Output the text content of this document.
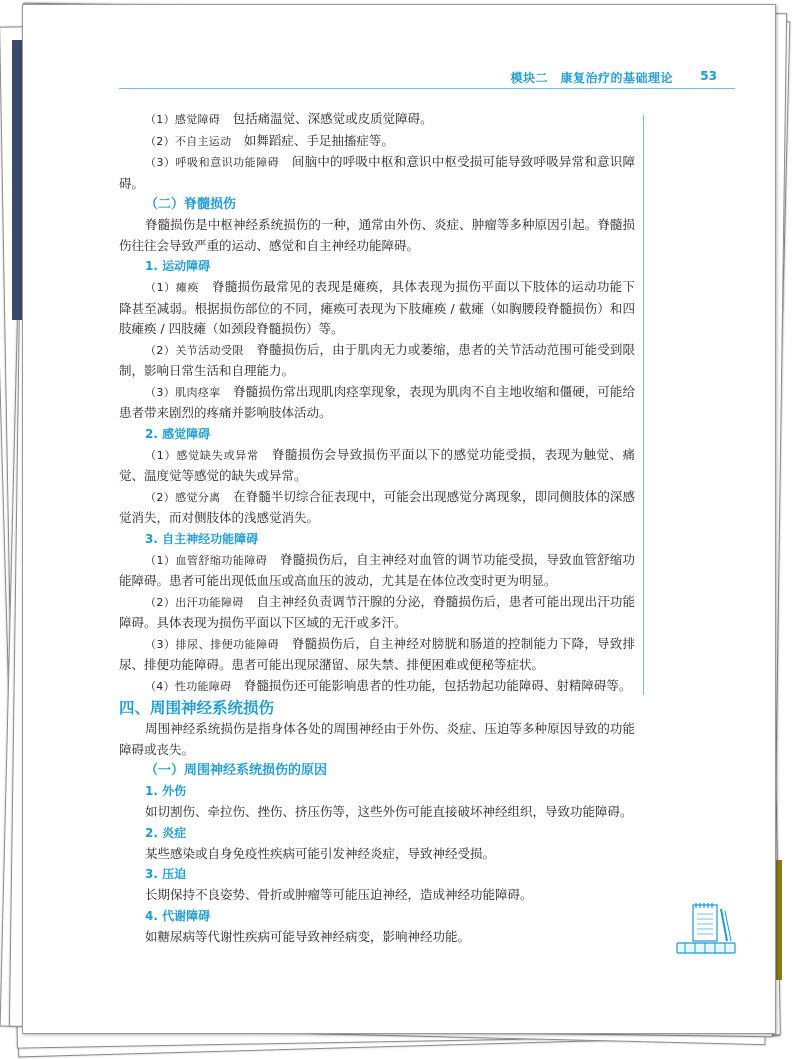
模块二　康复治疗的基础理论 53

（1）感觉障碍　 包括痛温觉、深感觉或皮质觉障碍。

（2）不自主运动　 如舞蹈症、手足抽搐症等。

（3）呼吸和意识功能障碍　 间脑中的呼吸中枢和意识中枢受损可能导致呼吸异常和意识障碍。

（二）脊髓损伤

脊髓损伤是中枢神经系统损伤的一种，通常由外伤、炎症、肿瘤等多种原因引起。脊髓损伤往往会导致严重的运动、感觉和自主神经功能障碍。

1. 运动障碍

（1）瘫痪　 脊髓损伤最常见的表现是瘫痪，具体表现为损伤平面以下肢体的运动功能下降甚至减弱。根据损伤部位的不同，瘫痪可表现为下肢瘫痪 / 截瘫（如胸腰段脊髓损伤）和四肢瘫痪 / 四肢瘫（如颈段脊髓损伤）等。

（2）关节活动受限　 脊髓损伤后，由于肌肉无力或萎缩，患者的关节活动范围可能受到限制，影响日常生活和自理能力。

（3）肌肉痉挛　 脊髓损伤常出现肌肉痉挛现象，表现为肌肉不自主地收缩和僵硬，可能给患者带来剧烈的疼痛并影响肢体活动。

2. 感觉障碍

（1）感觉缺失或异常　 脊髓损伤会导致损伤平面以下的感觉功能受损，表现为触觉、痛觉、温度觉等感觉的缺失或异常。

（2）感觉分离　 在脊髓半切综合征表现中，可能会出现感觉分离现象，即同侧肢体的深感觉消失，而对侧肢体的浅感觉消失。

3. 自主神经功能障碍

（1）血管舒缩功能障碍　 脊髓损伤后，自主神经对血管的调节功能受损，导致血管舒缩功能障碍。患者可能出现低血压或高血压的波动，尤其是在体位改变时更为明显。

（2）出汗功能障碍　 自主神经负责调节汗腺的分泌，脊髓损伤后，患者可能出现出汗功能障碍。具体表现为损伤平面以下区域的无汗或多汗。

（3）排尿、排便功能障碍　 脊髓损伤后，自主神经对膀胱和肠道的控制能力下降，导致排尿、排便功能障碍。患者可能出现尿潴留、尿失禁、排便困难或便秘等症状。

（4）性功能障碍　 脊髓损伤还可能影响患者的性功能，包括勃起功能障碍、射精障碍等。

四、周围神经系统损伤

周围神经系统损伤是指身体各处的周围神经由于外伤、炎症、压迫等多种原因导致的功能障碍或丧失。

（一）周围神经系统损伤的原因

1. 外伤

如切割伤、牵拉伤、挫伤、挤压伤等，这些外伤可能直接破坏神经组织，导致功能障碍。

2. 炎症

某些感染或自身免疫性疾病可能引发神经炎症，导致神经受损。

3. 压迫

长期保持不良姿势、骨折或肿瘤等可能压迫神经，造成神经功能障碍。

4. 代谢障碍

如糖尿病等代谢性疾病可能导致神经病变，影响神经功能。
